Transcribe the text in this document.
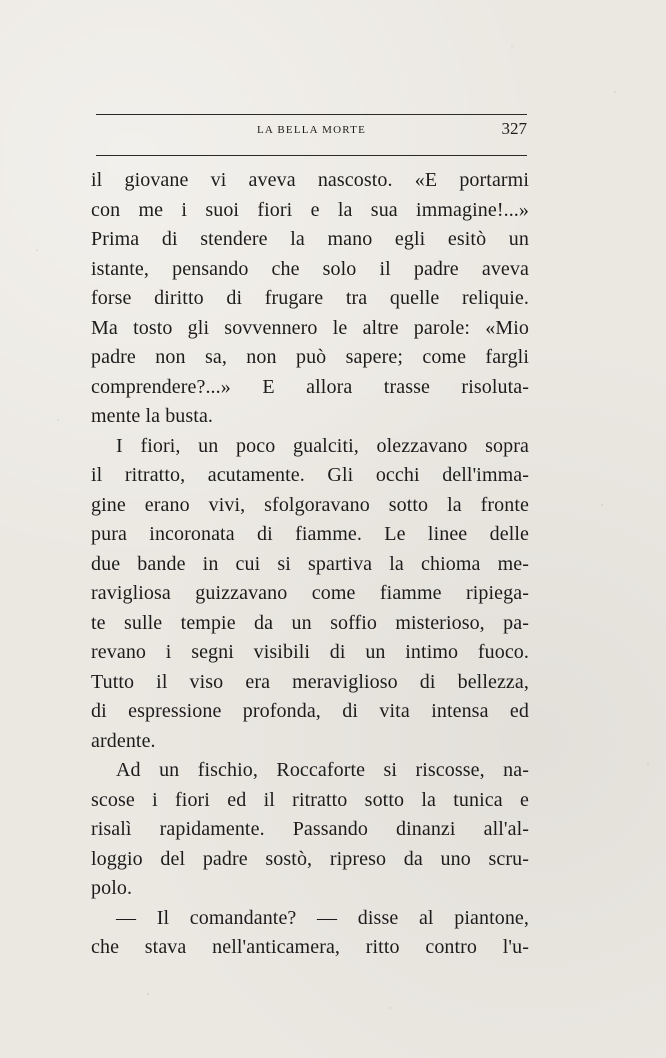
LA BELLA MORTE	327
il giovane vi aveva nascosto. «E portarmi
con me i suoi fiori e la sua immagine!...»
Prima di stendere la mano egli esitò un
istante, pensando che solo il padre aveva
forse diritto di frugare tra quelle reliquie.
Ma tosto gli sovvennero le altre parole: «Mio
padre non sa, non può sapere; come fargli
comprendere?...» E allora trasse risoluta-
mente la busta.
I fiori, un poco gualciti, olezzavano sopra
il ritratto, acutamente. Gli occhi dell'imma-
gine erano vivi, sfolgoravano sotto la fronte
pura incoronata di fiamme. Le linee delle
due bande in cui si spartiva la chioma me-
ravigliosa guizzavano come fiamme ripiega-
te sulle tempie da un soffio misterioso, pa-
revano i segni visibili di un intimo fuoco.
Tutto il viso era meraviglioso di bellezza,
di espressione profonda, di vita intensa ed
ardente.
Ad un fischio, Roccaforte si riscosse, na-
scose i fiori ed il ritratto sotto la tunica e
risalì rapidamente. Passando dinanzi all'al-
loggio del padre sostò, ripreso da uno scru-
polo.
— Il comandante? — disse al piantone,
che stava nell'anticamera, ritto contro l'u-
